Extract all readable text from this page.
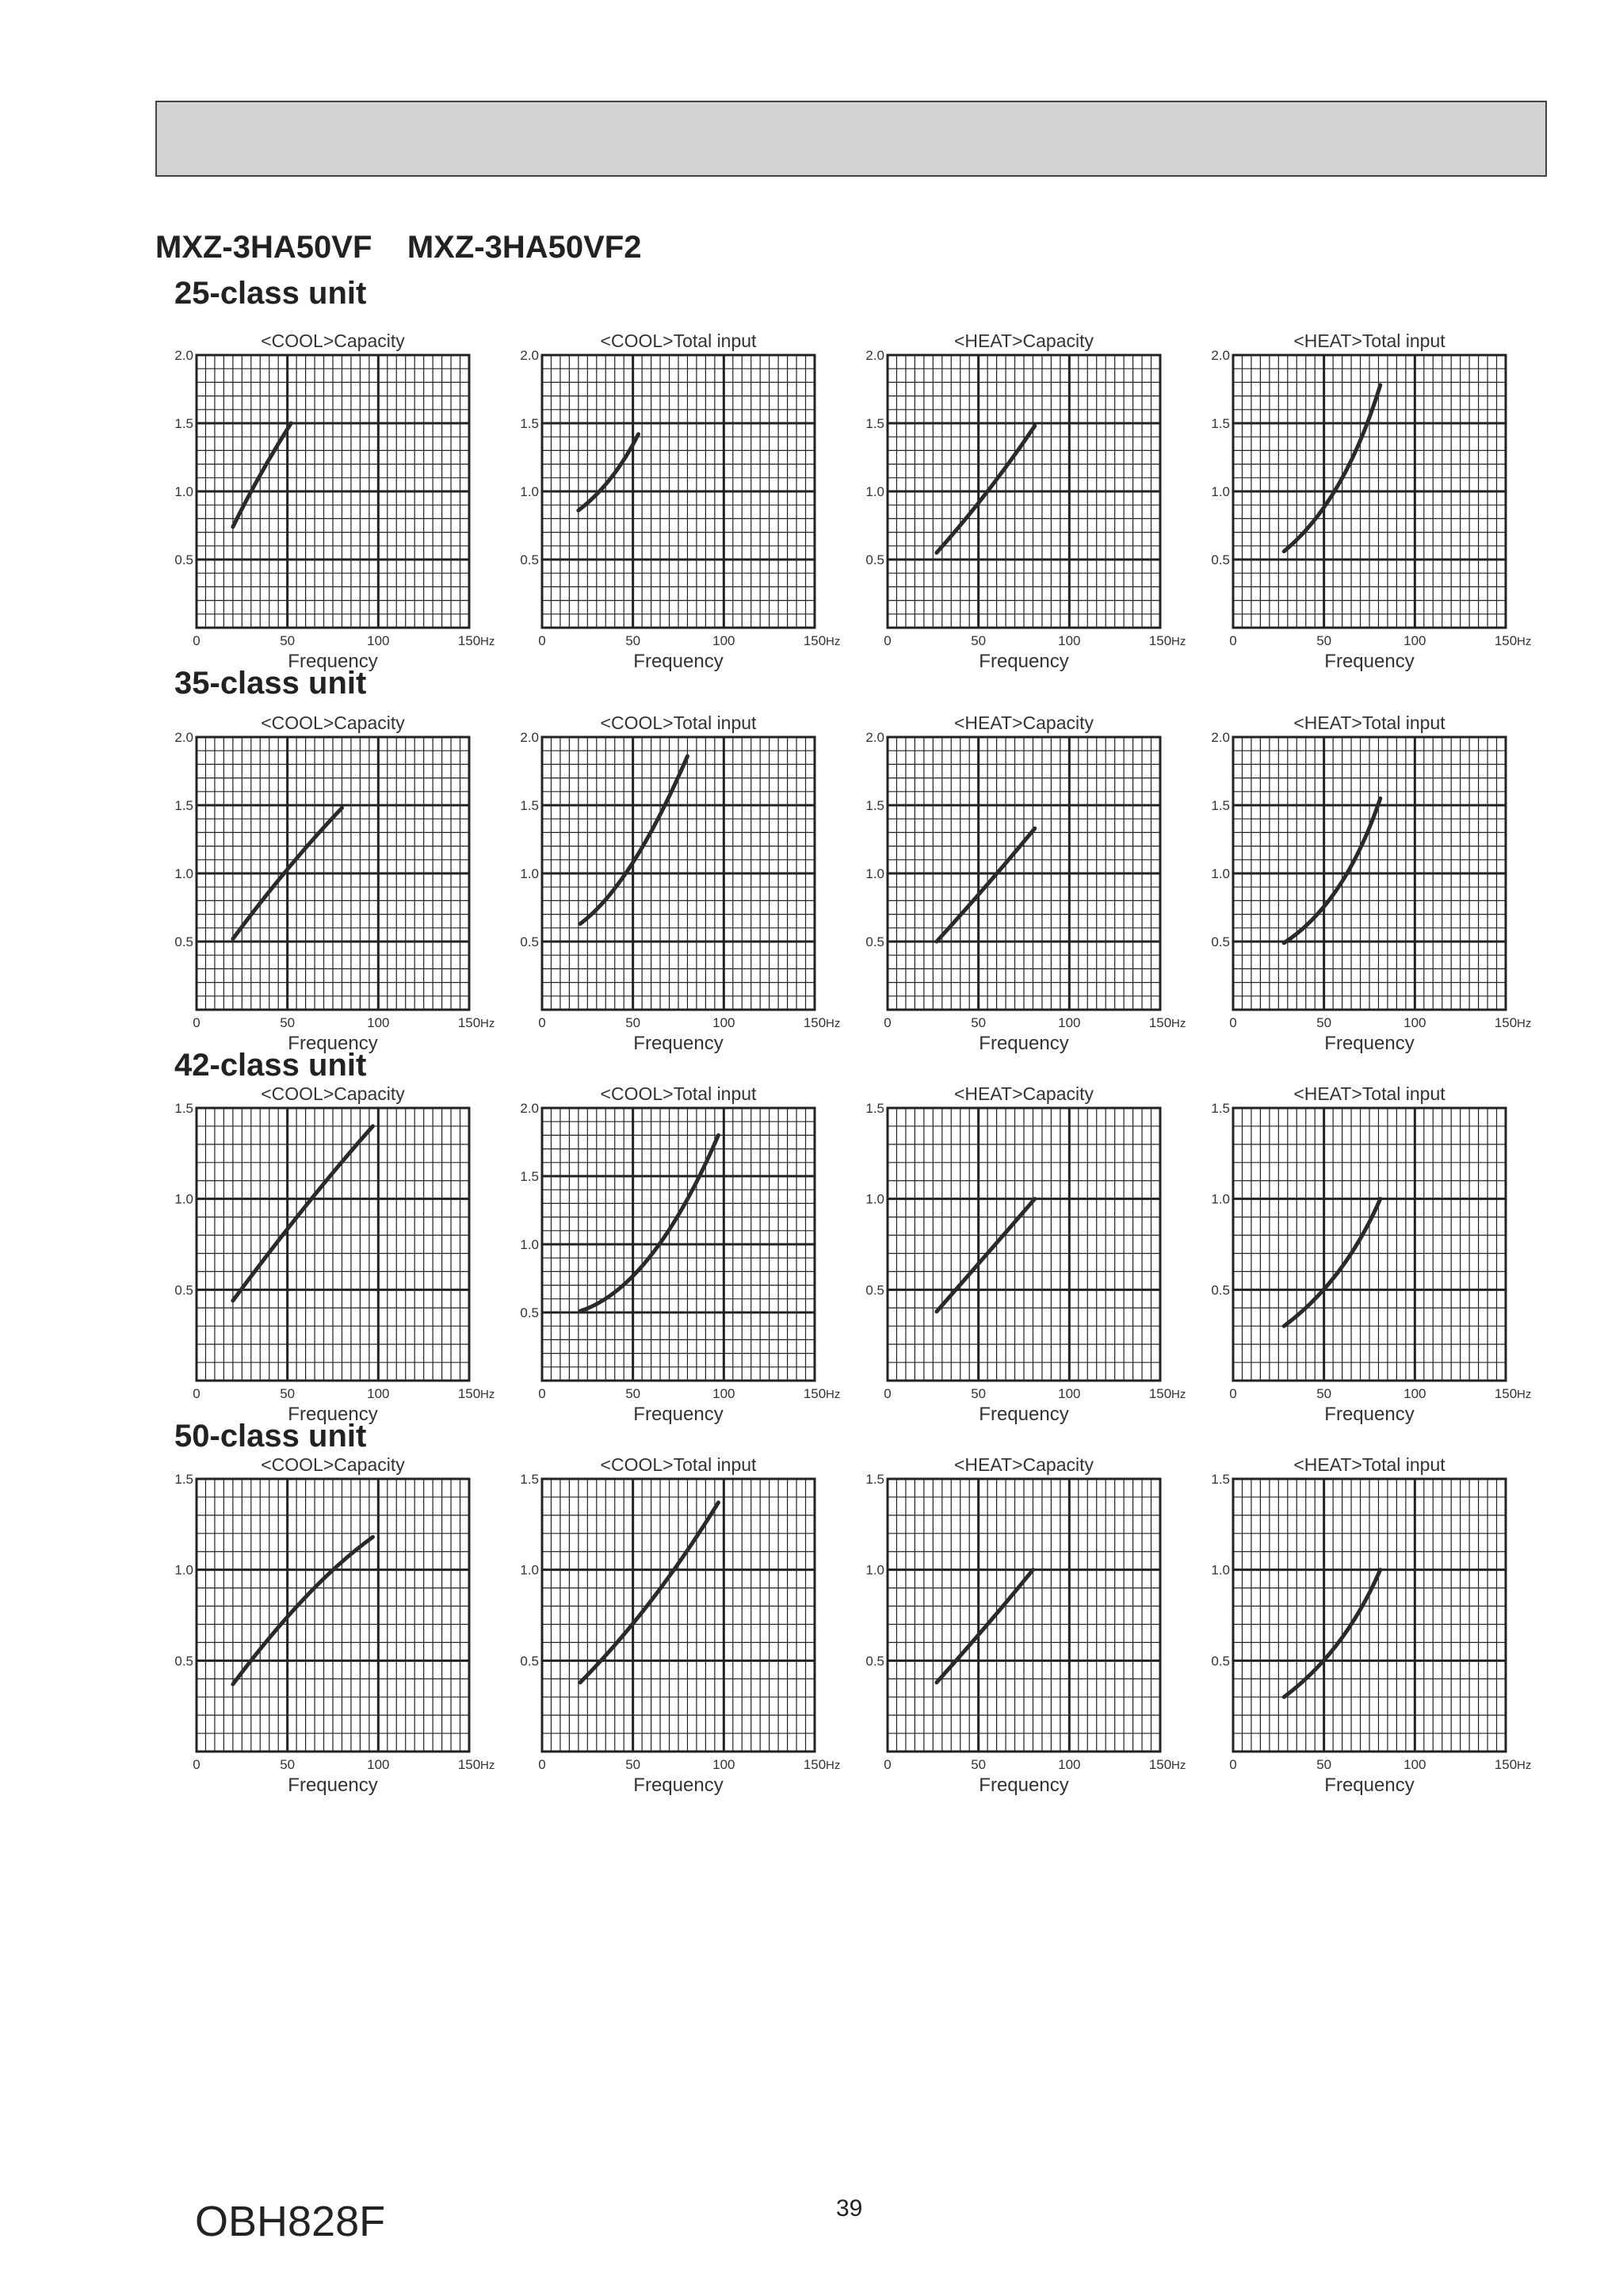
MXZ-3HA50VF    MXZ-3HA50VF2
25-class unit
35-class unit
42-class unit
50-class unit
<COOL>Capacity
0.5
1.0
1.5
2.0
0	50	100	150 Hz
Frequency
<COOL>Total input
0.5
1.0
1.5
2.0
0	50	100	150 Hz
Frequency
<HEAT>Capacity
0.5
1.0
1.5
2.0
0	50	100	150 Hz
Frequency
<HEAT>Total input
0.5
1.0
1.5
2.0
0	50	100	150 Hz
Frequency
<COOL>Capacity
0.5
1.0
1.5
2.0
0	50	100	150 Hz
Frequency
<COOL>Total input
0.5
1.0
1.5
2.0
0	50	100	150 Hz
Frequency
<HEAT>Capacity
0.5
1.0
1.5
2.0
0	50	100	150 Hz
Frequency
<HEAT>Total input
0.5
1.0
1.5
2.0
0	50	100	150 Hz
Frequency
<COOL>Capacity
0.5
1.0
1.5
0	50	100	150 Hz
Frequency
<COOL>Total input
0.5
1.0
1.5
2.0
0	50	100	150 Hz
Frequency
<HEAT>Capacity
0.5
1.0
1.5
0	50	100	150 Hz
Frequency
<HEAT>Total input
0.5
1.0
1.5
0	50	100	150 Hz
Frequency
<COOL>Capacity
0.5
1.0
1.5
0	50	100	150 Hz
Frequency
<COOL>Total input
0.5
1.0
1.5
0	50	100	150 Hz
Frequency
<HEAT>Capacity
0.5
1.0
1.5
0	50	100	150 Hz
Frequency
<HEAT>Total input
0.5
1.0
1.5
0	50	100	150 Hz
Frequency
OBH828F	39
